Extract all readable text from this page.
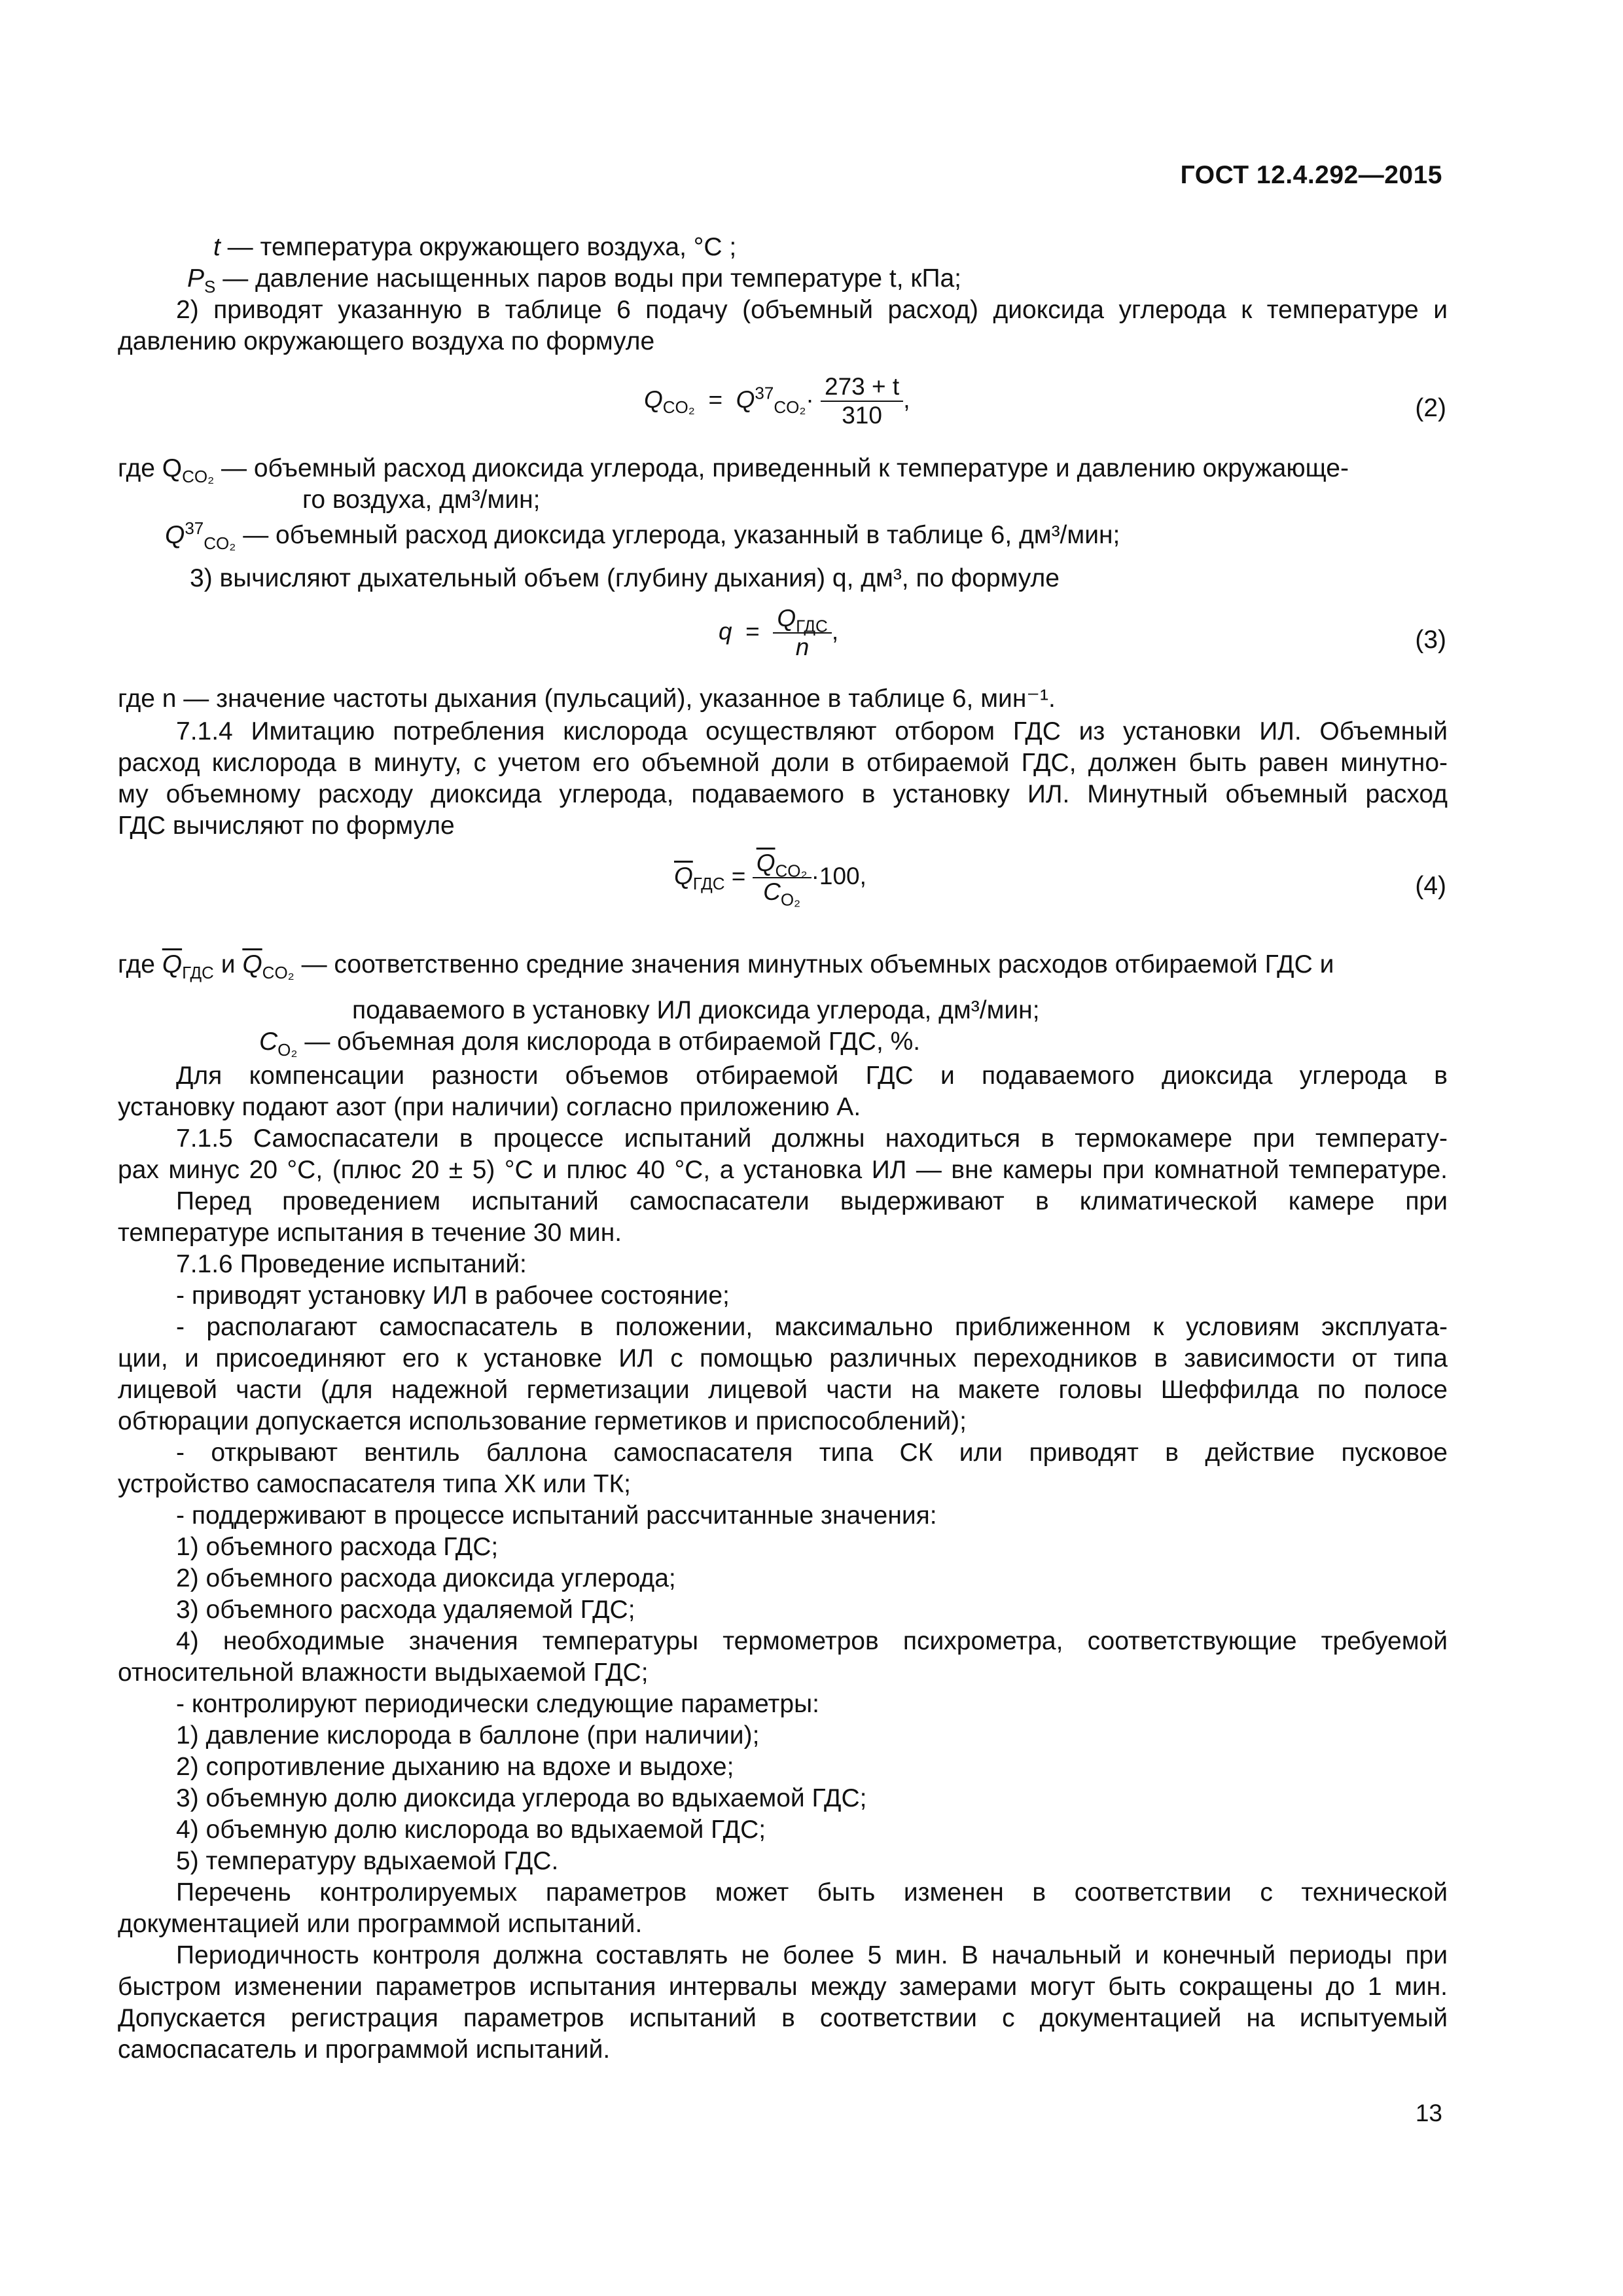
ГОСТ 12.4.292—2015
t — температура окружающего воздуха, °С ;
$P_S$ — давление насыщенных паров воды при температуре t, кПа;
2) приводят указанную в таблице 6 подачу (объемный расход) диоксида углерода к температуре и
давлению окружающего воздуха по формуле
$Q_{CO_2} = Q^{37}_{CO_2}\cdot \frac{273 + t}{310}$ ,	(2)
где $Q_{CO_2}$ — объемный расход диоксида углерода, приведенный к температуре и давлению окружающе-
го воздуха, дм³/мин;
$Q^{37}_{CO_2}$ — объемный расход диоксида углерода, указанный в таблице 6, дм³/мин;
3) вычисляют дыхательный объем (глубину дыхания) q, дм³, по формуле
$q = \frac{Q_{ГДС}}{n}$,	(3)
где n — значение частоты дыхания (пульсаций), указанное в таблице 6, мин⁻¹.
7.1.4 Имитацию потребления кислорода осуществляют отбором ГДС из установки ИЛ. Объемный
расход кислорода в минуту, с учетом его объемной доли в отбираемой ГДС, должен быть равен минутно-
му объемному расходу диоксида углерода, подаваемого в установку ИЛ. Минутный объемный расход
ГДС вычисляют по формуле
$\overline{Q}_{ГДС} = \frac{\overline{Q}_{CO_2}}{C_{O_2}} \cdot 100$,	(4)
где $\overline{Q}_{ГДС}$ и $\overline{Q}_{CO_2}$ — соответственно средние значения минутных объемных расходов отбираемой ГДС и
подаваемого в установку ИЛ диоксида углерода, дм³/мин;
$C_{O_2}$ — объемная доля кислорода в отбираемой ГДС, %.
Для компенсации разности объемов отбираемой ГДС и подаваемого диоксида углерода в
установку подают азот (при наличии) согласно приложению А.
7.1.5 Самоспасатели в процессе испытаний должны находиться в термокамере при температу-
рах минус 20 °С, (плюс 20 ± 5) °С и плюс 40 °С, а установка ИЛ — вне камеры при комнатной температуре.
Перед проведением испытаний самоспасатели выдерживают в климатической камере при
температуре испытания в течение 30 мин.
7.1.6 Проведение испытаний:
- приводят установку ИЛ в рабочее состояние;
- располагают самоспасатель в положении, максимально приближенном к условиям эксплуата-
ции, и присоединяют его к установке ИЛ с помощью различных переходников в зависимости от типа
лицевой части (для надежной герметизации лицевой части на макете головы Шеффилда по полосе
обтюрации допускается использование герметиков и приспособлений);
- открывают вентиль баллона самоспасателя типа СК или приводят в действие пусковое
устройство самоспасателя типа ХК или ТК;
- поддерживают в процессе испытаний рассчитанные значения:
1) объемного расхода ГДС;
2) объемного расхода диоксида углерода;
3) объемного расхода удаляемой ГДС;
4) необходимые значения температуры термометров психрометра, соответствующие требуемой
относительной влажности выдыхаемой ГДС;
- контролируют периодически следующие параметры:
1) давление кислорода в баллоне (при наличии);
2) сопротивление дыханию на вдохе и выдохе;
3) объемную долю диоксида углерода во вдыхаемой ГДС;
4) объемную долю кислорода во вдыхаемой ГДС;
5) температуру вдыхаемой ГДС.
Перечень контролируемых параметров может быть изменен в соответствии с технической
документацией или программой испытаний.
Периодичность контроля должна составлять не более 5 мин. В начальный и конечный периоды при
быстром изменении параметров испытания интервалы между замерами могут быть сокращены до 1 мин.
Допускается регистрация параметров испытаний в соответствии с документацией на испытуемый
самоспасатель и программой испытаний.
13
